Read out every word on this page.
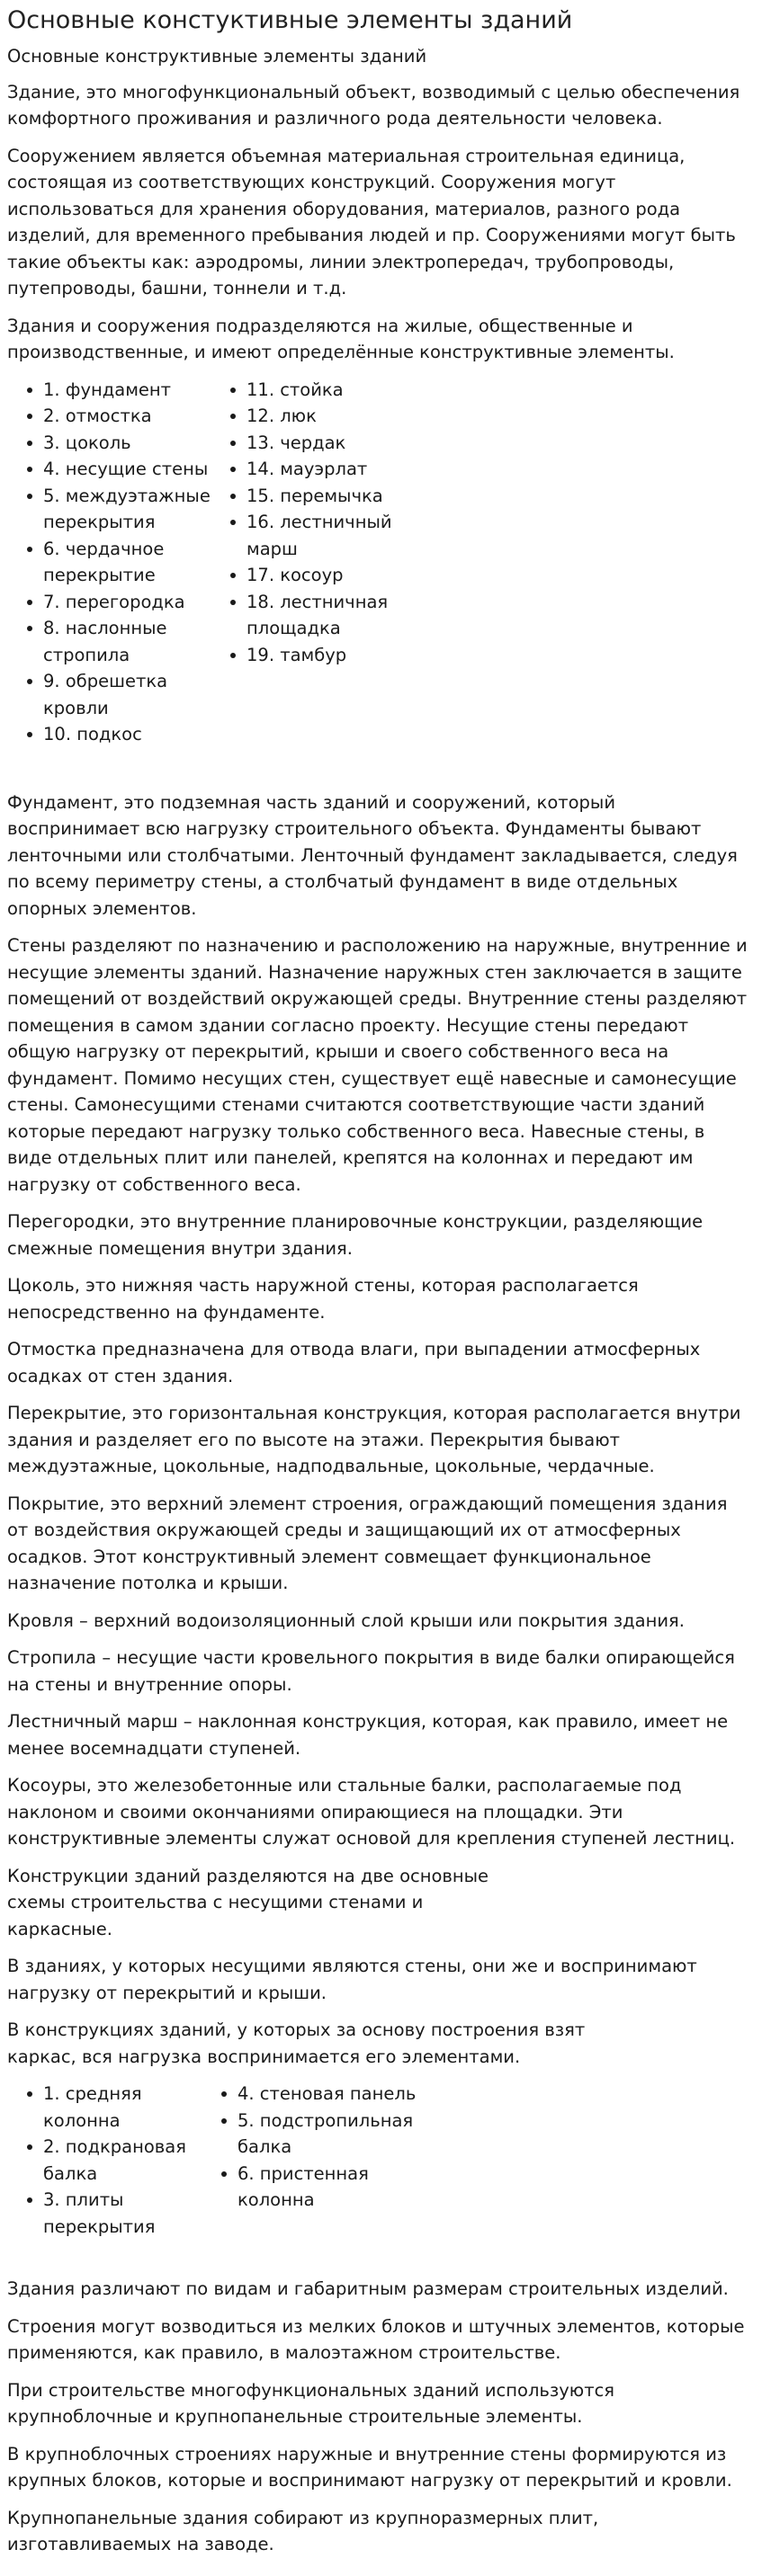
Основные констуктивные элементы зданий

Основные конструктивные элементы зданий

Здание, это многофункциональный объект, возводимый с целью обеспечения комфортного проживания и различного рода деятельности человека.

Сооружением является объемная материальная строительная единица, состоящая из соответствующих конструкций. Сооружения могут использоваться для хранения оборудования, материалов, разного рода изделий, для временного пребывания людей и пр. Сооружениями могут быть такие объекты как: аэродромы, линии электропередач, трубопроводы, путепроводы, башни, тоннели и т.д.

Здания и сооружения подразделяются на жилые, общественные и производственные, и имеют определённые конструктивные элементы.

1. фундамент
2. отмостка
3. цоколь
4. несущие стены
5. междуэтажные перекрытия
6. чердачное перекрытие
7. перегородка
8. наслонные стропила
9. обрешетка кровли
10. подкос
11. стойка
12. люк
13. чердак
14. мауэрлат
15. перемычка
16. лестничный марш
17. косоур
18. лестничная площадка
19. тамбур

Фундамент, это подземная часть зданий и сооружений, который воспринимает всю нагрузку строительного объекта. Фундаменты бывают ленточными или столбчатыми. Ленточный фундамент закладывается, следуя по всему периметру стены, а столбчатый фундамент в виде отдельных опорных элементов.

Стены разделяют по назначению и расположению на наружные, внутренние и несущие элементы зданий. Назначение наружных стен заключается в защите помещений от воздействий окружающей среды. Внутренние стены разделяют помещения в самом здании согласно проекту. Несущие стены передают общую нагрузку от перекрытий, крыши и своего собственного веса на фундамент. Помимо несущих стен, существует ещё навесные и самонесущие стены. Самонесущими стенами считаются соответствующие части зданий которые передают нагрузку только собственного веса. Навесные стены, в виде отдельных плит или панелей, крепятся на колоннах и передают им нагрузку от собственного веса.

Перегородки, это внутренние планировочные конструкции, разделяющие смежные помещения внутри здания.

Цоколь, это нижняя часть наружной стены, которая располагается непосредственно на фундаменте.

Отмостка предназначена для отвода влаги, при выпадении атмосферных осадках от стен здания.

Перекрытие, это горизонтальная конструкция, которая располагается внутри здания и разделяет его по высоте на этажи. Перекрытия бывают междуэтажные, цокольные, надподвальные, цокольные, чердачные.

Покрытие, это верхний элемент строения, ограждающий помещения здания от воздействия окружающей среды и защищающий их от атмосферных осадков. Этот конструктивный элемент совмещает функциональное назначение потолка и крыши.

Кровля – верхний водоизоляционный слой крыши или покрытия здания.

Стропила – несущие части кровельного покрытия в виде балки опирающейся на стены и внутренние опоры.

Лестничный марш – наклонная конструкция, которая, как правило, имеет не менее восемнадцати ступеней.

Косоуры, это железобетонные или стальные балки, располагаемые под наклоном и своими окончаниями опирающиеся на площадки. Эти конструктивные элементы служат основой для крепления ступеней лестниц.

Конструкции зданий разделяются на две основные схемы строительства с несущими стенами и каркасные.

В зданиях, у которых несущими являются стены, они же и воспринимают нагрузку от перекрытий и крыши.

В конструкциях зданий, у которых за основу построения взят каркас, вся нагрузка воспринимается его элементами.

1. средняя колонна
2. подкрановая балка
3. плиты перекрытия
4. стеновая панель
5. подстропильная балка
6. пристенная колонна

Здания различают по видам и габаритным размерам строительных изделий.

Строения могут возводиться из мелких блоков и штучных элементов, которые применяются, как правило, в малоэтажном строительстве.

При строительстве многофункциональных зданий используются крупноблочные и крупнопанельные строительные элементы.

В крупноблочных строениях наружные и внутренние стены формируются из крупных блоков, которые и воспринимают нагрузку от перекрытий и кровли.

Крупнопанельные здания собирают из крупноразмерных плит, изготавливаемых на заводе.
